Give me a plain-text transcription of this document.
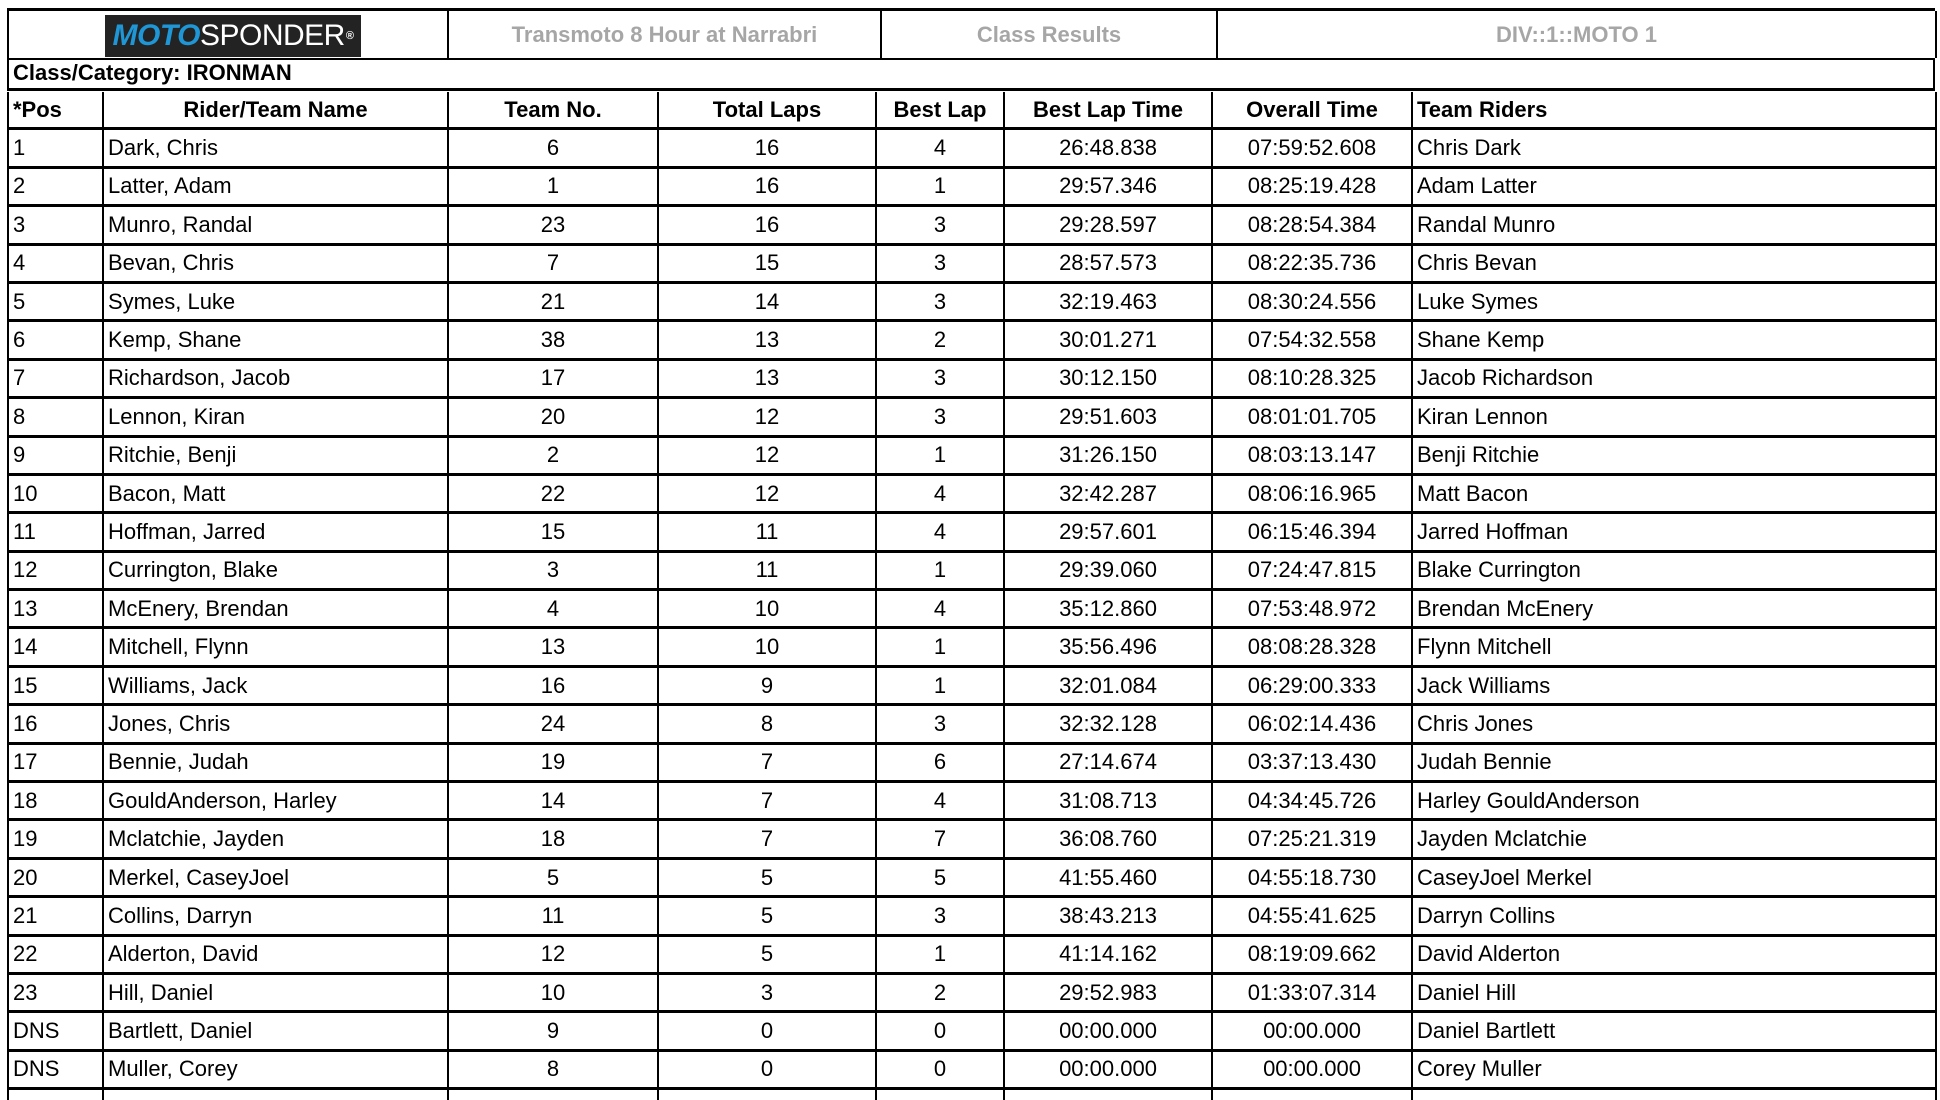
MOTO SPONDER ®	Transmoto 8 Hour at Narrabri	Class Results	DIV::1::MOTO 1
Class/Category: IRONMAN
*Pos	Rider/Team Name	Team No.	Total Laps	Best Lap	Best Lap Time	Overall Time	Team Riders
1	Dark, Chris	6	16	4	26:48.838	07:59:52.608	Chris Dark
2	Latter, Adam	1	16	1	29:57.346	08:25:19.428	Adam Latter
3	Munro, Randal	23	16	3	29:28.597	08:28:54.384	Randal Munro
4	Bevan, Chris	7	15	3	28:57.573	08:22:35.736	Chris Bevan
5	Symes, Luke	21	14	3	32:19.463	08:30:24.556	Luke Symes
6	Kemp, Shane	38	13	2	30:01.271	07:54:32.558	Shane Kemp
7	Richardson, Jacob	17	13	3	30:12.150	08:10:28.325	Jacob Richardson
8	Lennon, Kiran	20	12	3	29:51.603	08:01:01.705	Kiran Lennon
9	Ritchie, Benji	2	12	1	31:26.150	08:03:13.147	Benji Ritchie
10	Bacon, Matt	22	12	4	32:42.287	08:06:16.965	Matt Bacon
11	Hoffman, Jarred	15	11	4	29:57.601	06:15:46.394	Jarred Hoffman
12	Currington, Blake	3	11	1	29:39.060	07:24:47.815	Blake Currington
13	McEnery, Brendan	4	10	4	35:12.860	07:53:48.972	Brendan McEnery
14	Mitchell, Flynn	13	10	1	35:56.496	08:08:28.328	Flynn Mitchell
15	Williams, Jack	16	9	1	32:01.084	06:29:00.333	Jack Williams
16	Jones, Chris	24	8	3	32:32.128	06:02:14.436	Chris Jones
17	Bennie, Judah	19	7	6	27:14.674	03:37:13.430	Judah Bennie
18	GouldAnderson, Harley	14	7	4	31:08.713	04:34:45.726	Harley GouldAnderson
19	Mclatchie, Jayden	18	7	7	36:08.760	07:25:21.319	Jayden Mclatchie
20	Merkel, CaseyJoel	5	5	5	41:55.460	04:55:18.730	CaseyJoel Merkel
21	Collins, Darryn	11	5	3	38:43.213	04:55:41.625	Darryn Collins
22	Alderton, David	12	5	1	41:14.162	08:19:09.662	David Alderton
23	Hill, Daniel	10	3	2	29:52.983	01:33:07.314	Daniel Hill
DNS	Bartlett, Daniel	9	0	0	00:00.000	00:00.000	Daniel Bartlett
DNS	Muller, Corey	8	0	0	00:00.000	00:00.000	Corey Muller
